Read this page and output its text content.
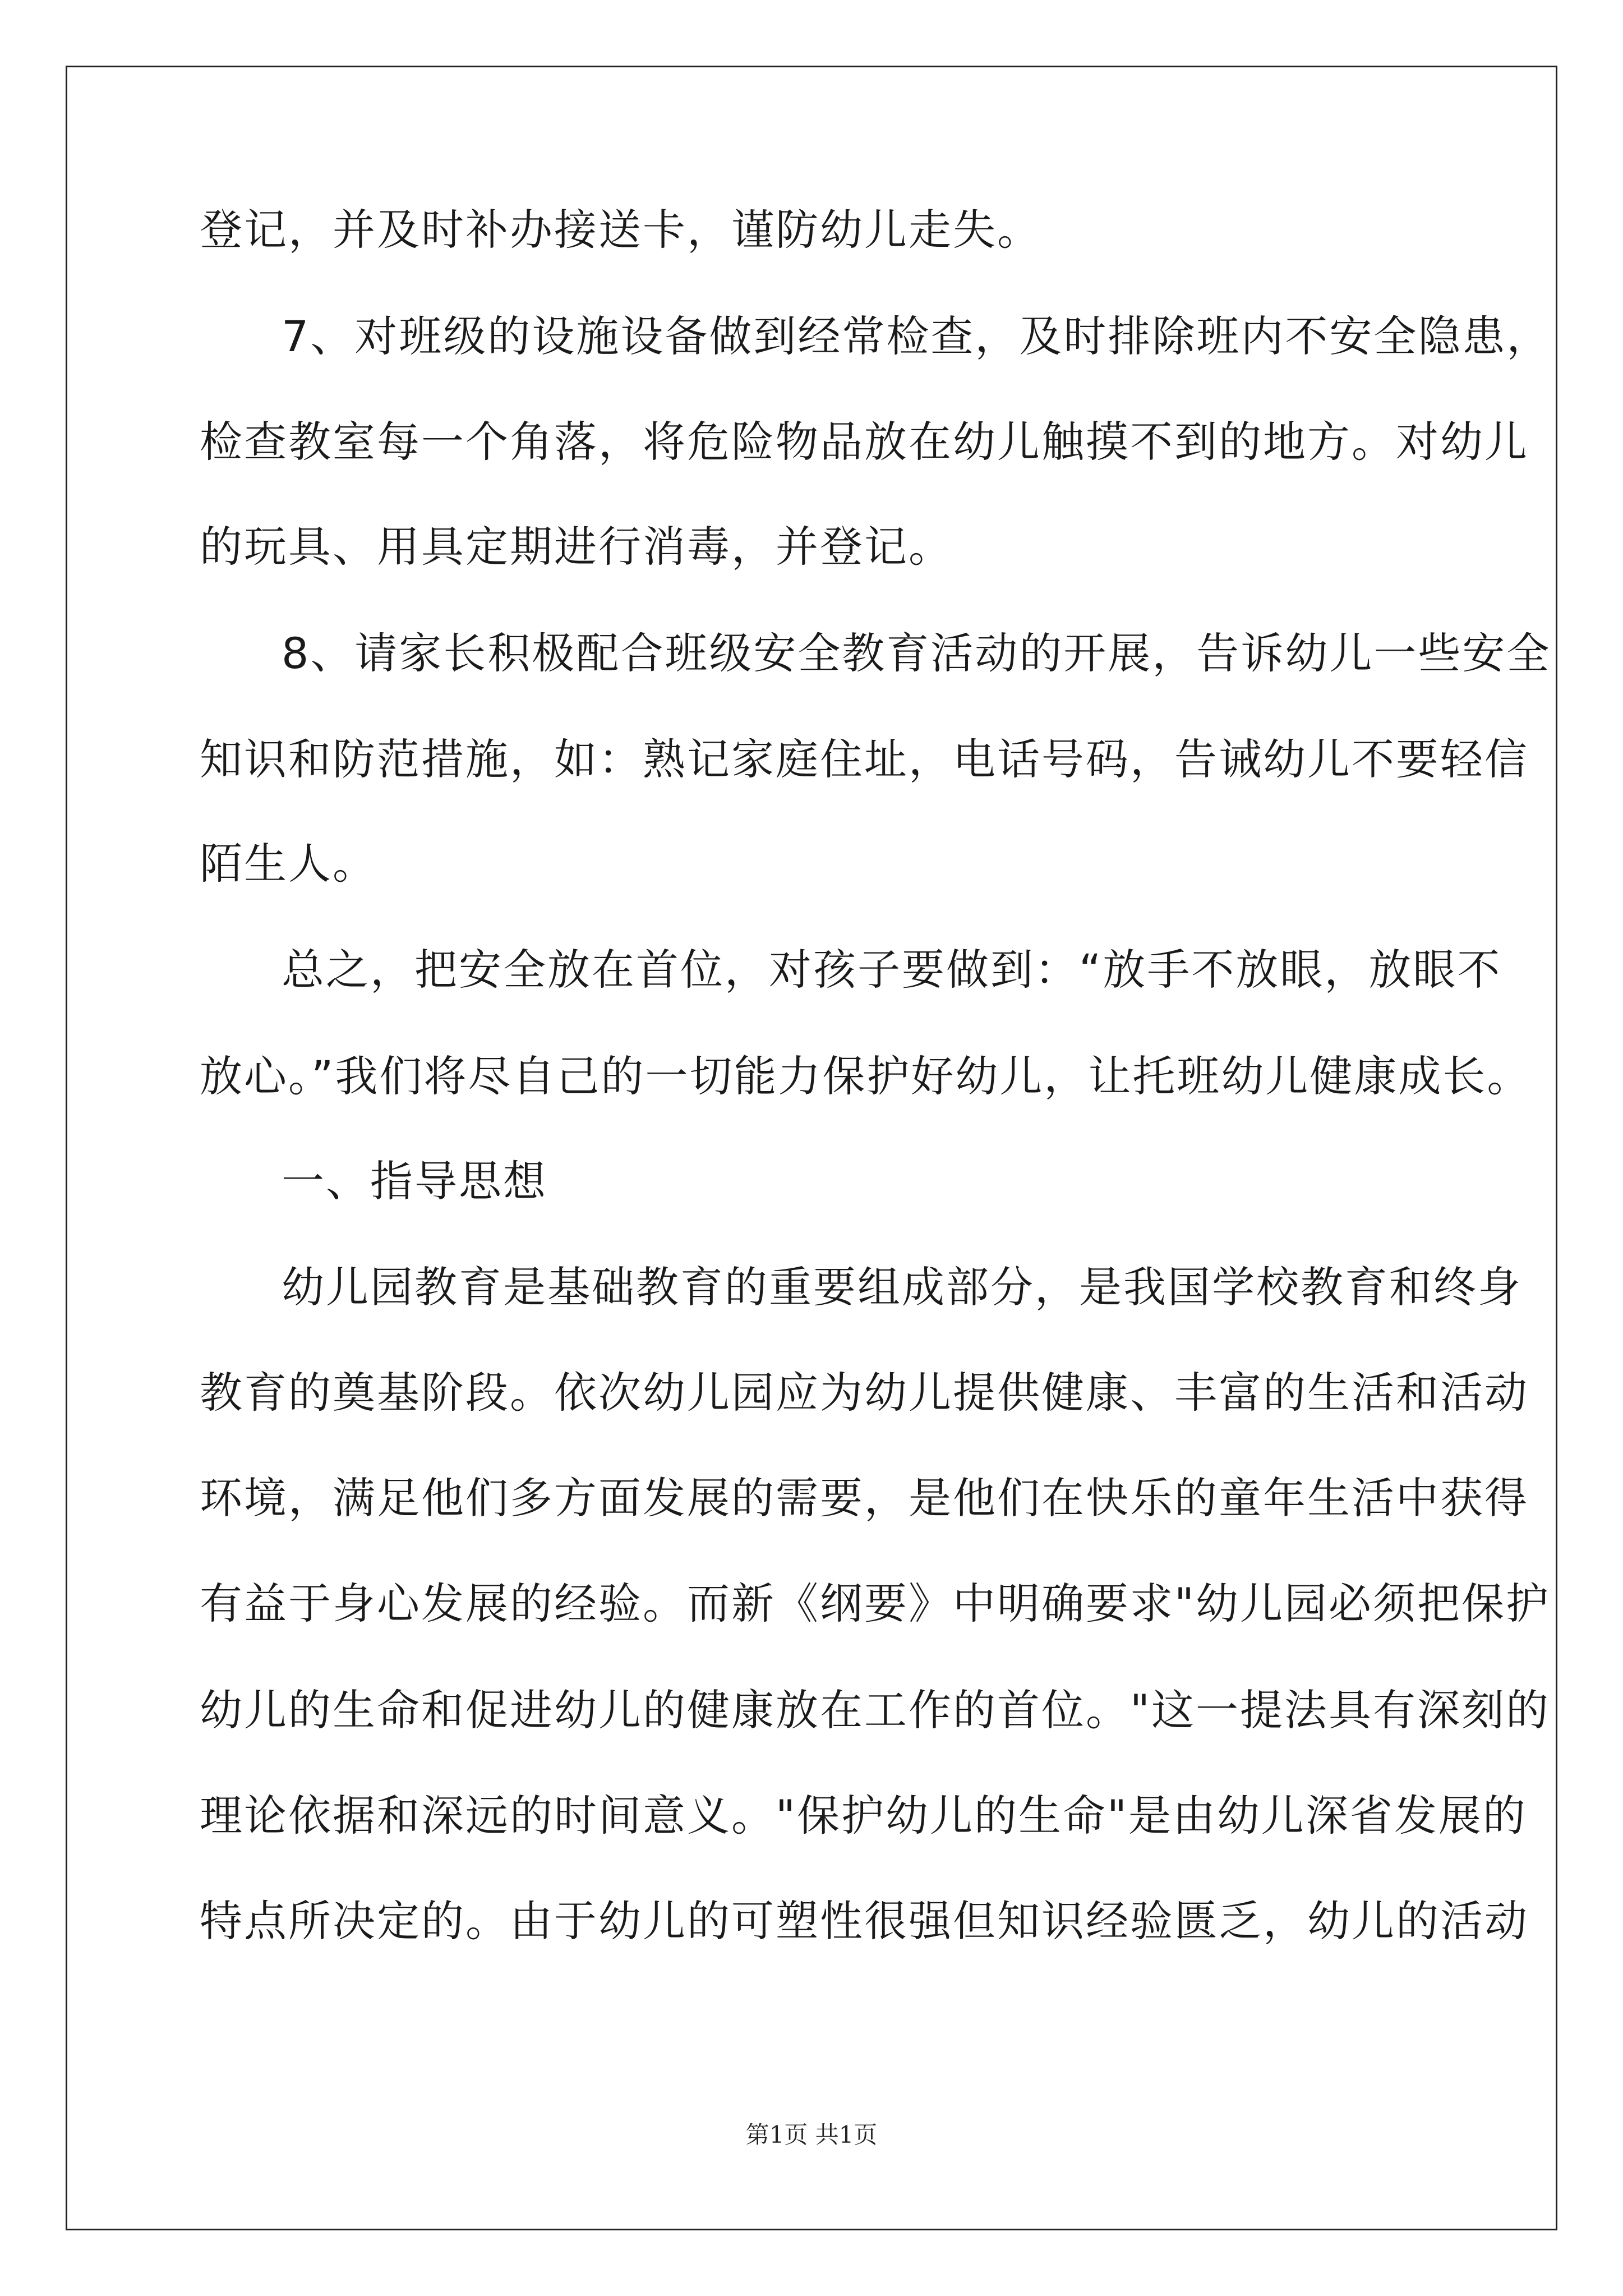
登记，并及时补办接送卡，谨防幼儿走失。
7、对班级的设施设备做到经常检查，及时排除班内不安全隐患，
检查教室每一个角落，将危险物品放在幼儿触摸不到的地方。对幼儿
的玩具、用具定期进行消毒，并登记。
8、请家长积极配合班级安全教育活动的开展，告诉幼儿一些安全
知识和防范措施，如：熟记家庭住址，电话号码，告诫幼儿不要轻信
陌生人。
总之，把安全放在首位，对孩子要做到：“放手不放眼，放眼不
放心。”我们将尽自己的一切能力保护好幼儿，让托班幼儿健康成长。
一、指导思想
幼儿园教育是基础教育的重要组成部分，是我国学校教育和终身
教育的奠基阶段。依次幼儿园应为幼儿提供健康、丰富的生活和活动
环境，满足他们多方面发展的需要，是他们在快乐的童年生活中获得
有益于身心发展的经验。而新《纲要》中明确要求"幼儿园必须把保护
幼儿的生命和促进幼儿的健康放在工作的首位。"这一提法具有深刻的
理论依据和深远的时间意义。"保护幼儿的生命"是由幼儿深省发展的
特点所决定的。由于幼儿的可塑性很强但知识经验匮乏，幼儿的活动
第1页 共1页
